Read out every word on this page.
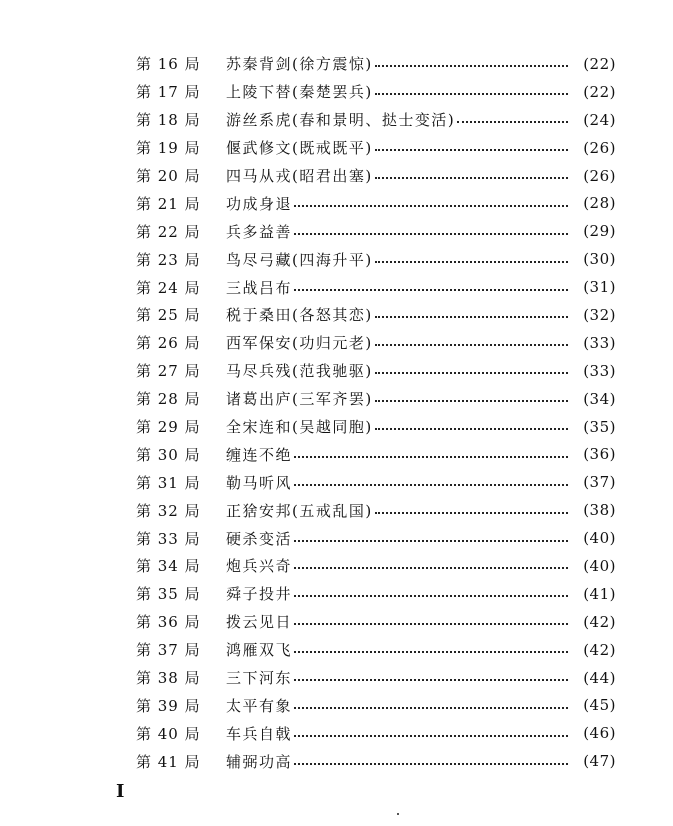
第 16 局	苏秦背剑(徐方震惊)	(22)
第 17 局	上陵下替(秦楚罢兵)	(22)
第 18 局	游丝系虎(春和景明、挞士变活)	(24)
第 19 局	偃武修文(既戒既平)	(26)
第 20 局	四马从戎(昭君出塞)	(26)
第 21 局	功成身退	(28)
第 22 局	兵多益善	(29)
第 23 局	鸟尽弓藏(四海升平)	(30)
第 24 局	三战吕布	(31)
第 25 局	税于桑田(各怒其恋)	(32)
第 26 局	西军保安(功归元老)	(33)
第 27 局	马尽兵残(范我驰驱)	(33)
第 28 局	诸葛出庐(三军齐罢)	(34)
第 29 局	全宋连和(吴越同胞)	(35)
第 30 局	缠连不绝	(36)
第 31 局	勒马听风	(37)
第 32 局	正猞安邦(五戒乱国)	(38)
第 33 局	硬杀变活	(40)
第 34 局	炮兵兴奇	(40)
第 35 局	舜子投井	(41)
第 36 局	拨云见日	(42)
第 37 局	鸿雁双飞	(42)
第 38 局	三下河东	(44)
第 39 局	太平有象	(45)
第 40 局	车兵自戟	(46)
第 41 局	辅弼功高	(47)
I
